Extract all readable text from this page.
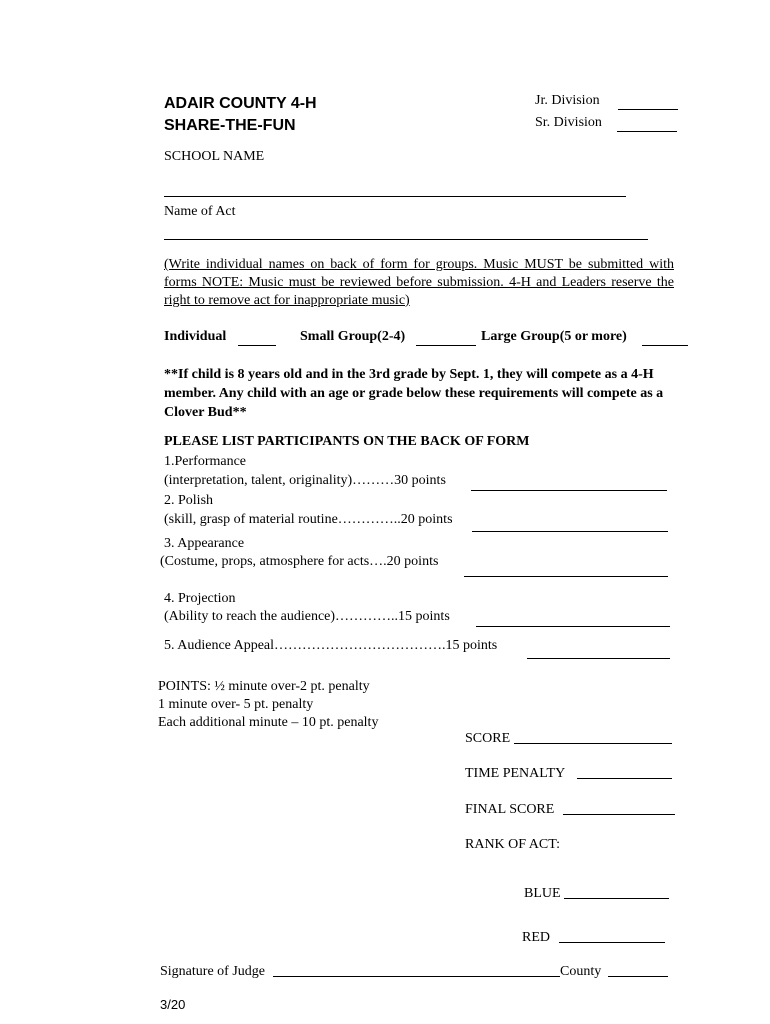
ADAIR COUNTY 4-H
SHARE-THE-FUN
Jr. Division
Sr. Division
SCHOOL NAME
Name of Act
(Write individual names on back of form for groups. Music MUST be submitted with forms NOTE: Music must be reviewed before submission. 4-H and Leaders reserve the right to remove act for inappropriate music)
Individual	Small Group(2-4)	Large Group(5 or more)
**If child is 8 years old and in the 3rd grade by Sept. 1, they will compete as a 4-H member. Any child with an age or grade below these requirements will compete as a Clover Bud**
PLEASE LIST PARTICIPANTS ON THE BACK OF FORM
1.Performance
(interpretation, talent, originality)………30 points
2. Polish
(skill, grasp of material routine…………..20 points
3. Appearance
(Costume, props, atmosphere for acts….20 points
4. Projection
(Ability to reach the audience)…………..15 points
5. Audience Appeal……………………………….15 points
POINTS: ½ minute over-2 pt. penalty
1 minute over- 5 pt. penalty
Each additional minute – 10 pt. penalty
SCORE
TIME PENALTY
FINAL SCORE
RANK OF ACT:
BLUE
RED
Signature of Judge	County
3/20
